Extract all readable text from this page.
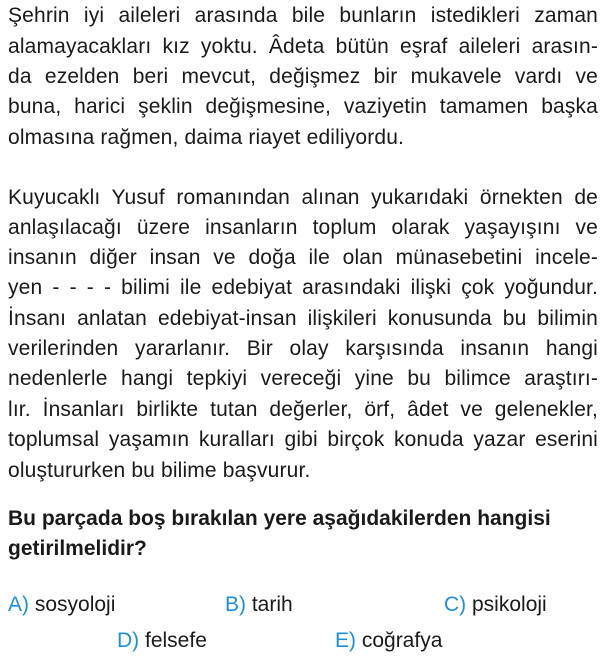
Şehrin iyi aileleri arasında bile bunların istedikleri zaman
alamayacakları kız yoktu. Âdeta bütün eşraf aileleri arasın-
da ezelden beri mevcut, değişmez bir mukavele vardı ve
buna, harici şeklin değişmesine, vaziyetin tamamen başka
olmasına rağmen, daima riayet ediliyordu.
Kuyucaklı Yusuf romanından alınan yukarıdaki örnekten de
anlaşılacağı üzere insanların toplum olarak yaşayışını ve
insanın diğer insan ve doğa ile olan münasebetini incele-
yen - - - - bilimi ile edebiyat arasındaki ilişki çok yoğundur.
İnsanı anlatan edebiyat-insan ilişkileri konusunda bu bilimin
verilerinden yararlanır. Bir olay karşısında insanın hangi
nedenlerle hangi tepkiyi vereceği yine bu bilimce araştırı-
lır. İnsanları birlikte tutan değerler, örf, âdet ve gelenekler,
toplumsal yaşamın kuralları gibi birçok konuda yazar eserini
oluştururken bu bilime başvurur.
Bu parçada boş bırakılan yere aşağıdakilerden hangisi
getirilmelidir?
A) sosyoloji	B) tarih	C) psikoloji
D) felsefe	E) coğrafya
